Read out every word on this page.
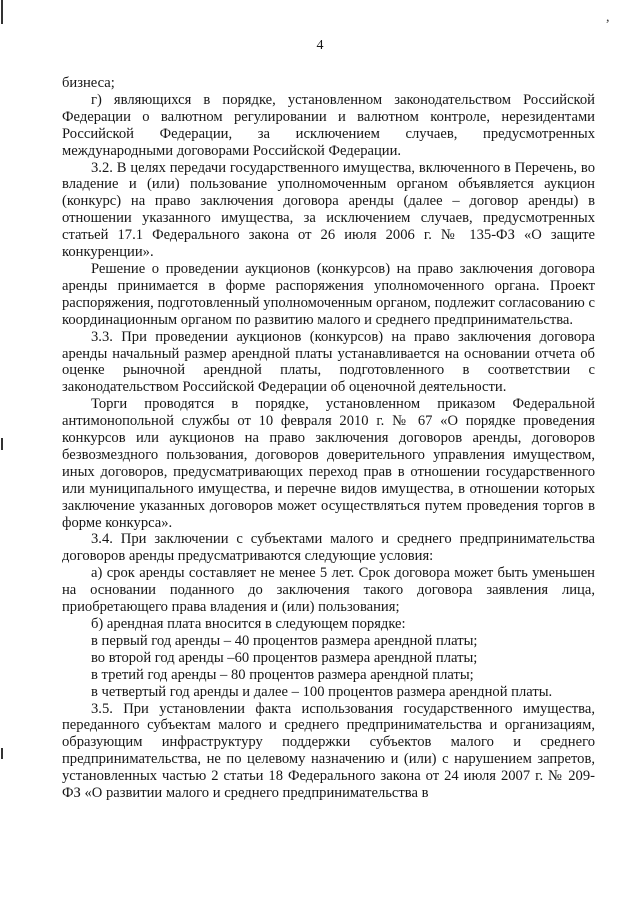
,
4

бизнеса;

г) являющихся в порядке, установленном законодательством Российской Федерации о валютном регулировании и валютном контроле, нерезидентами Российской Федерации, за исключением случаев, предусмотренных международными договорами Российской Федерации.

3.2. В целях передачи государственного имущества, включенного в Перечень, во владение и (или) пользование уполномоченным органом объявляется аукцион (конкурс) на право заключения договора аренды (далее – договор аренды) в отношении указанного имущества, за исключением случаев, предусмотренных статьей 17.1 Федерального закона от 26 июля 2006 г. № 135-ФЗ «О защите конкуренции».

Решение о проведении аукционов (конкурсов) на право заключения договора аренды принимается в форме распоряжения уполномоченного органа. Проект распоряжения, подготовленный уполномоченным органом, подлежит согласованию с координационным органом по развитию малого и среднего предпринимательства.

3.3. При проведении аукционов (конкурсов) на право заключения договора аренды начальный размер арендной платы устанавливается на основании отчета об оценке рыночной арендной платы, подготовленного в соответствии с законодательством Российской Федерации об оценочной деятельности.

Торги проводятся в порядке, установленном приказом Федеральной антимонопольной службы от 10 февраля 2010 г. № 67 «О порядке проведения конкурсов или аукционов на право заключения договоров аренды, договоров безвозмездного пользования, договоров доверительного управления имуществом, иных договоров, предусматривающих переход прав в отношении государственного или муниципального имущества, и перечне видов имущества, в отношении которых заключение указанных договоров может осуществляться путем проведения торгов в форме конкурса».

3.4. При заключении с субъектами малого и среднего предпринимательства договоров аренды предусматриваются следующие условия:

а) срок аренды составляет не менее 5 лет. Срок договора может быть уменьшен на основании поданного до заключения такого договора заявления лица, приобретающего права владения и (или) пользования;

б) арендная плата вносится в следующем порядке:

в первый год аренды – 40 процентов размера арендной платы;

во второй год аренды –60 процентов размера арендной платы;

в третий год аренды – 80 процентов размера арендной платы;

в четвертый год аренды и далее – 100 процентов размера арендной платы.

3.5. При установлении факта использования государственного имущества, переданного субъектам малого и среднего предпринимательства и организациям, образующим инфраструктуру поддержки субъектов малого и среднего предпринимательства, не по целевому назначению и (или) с нарушением запретов, установленных частью 2 статьи 18 Федерального закона от 24 июля 2007 г. № 209-ФЗ «О развитии малого и среднего предпринимательства в
